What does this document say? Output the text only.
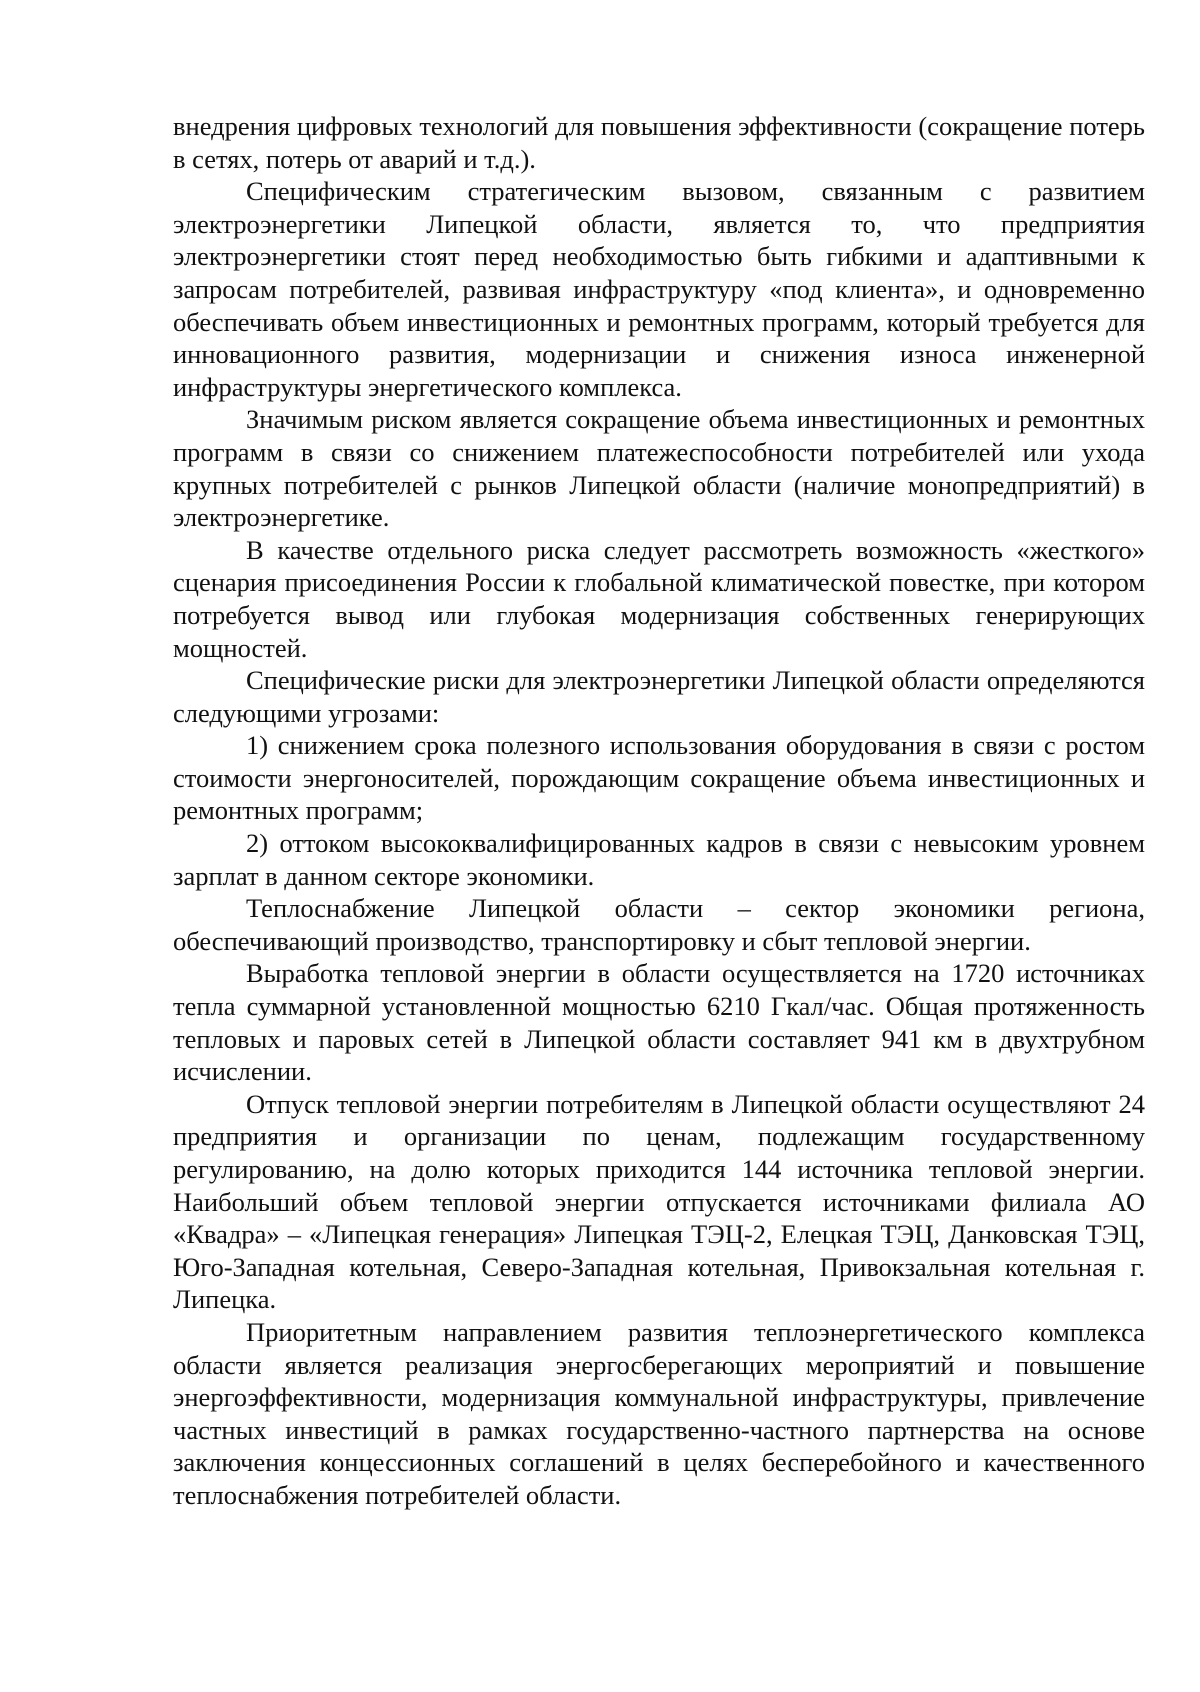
внедрения цифровых технологий для повышения эффективности (сокращение потерь в сетях, потерь от аварий и т.д.).

Специфическим стратегическим вызовом, связанным с развитием электроэнергетики Липецкой области, является то, что предприятия электроэнергетики стоят перед необходимостью быть гибкими и адаптивными к запросам потребителей, развивая инфраструктуру «под клиента», и одновременно обеспечивать объем инвестиционных и ремонтных программ, который требуется для инновационного развития, модернизации и снижения износа инженерной инфраструктуры энергетического комплекса.

Значимым риском является сокращение объема инвестиционных и ремонтных программ в связи со снижением платежеспособности потребителей или ухода крупных потребителей с рынков Липецкой области (наличие монопредприятий) в электроэнергетике.

В качестве отдельного риска следует рассмотреть возможность «жесткого» сценария присоединения России к глобальной климатической повестке, при котором потребуется вывод или глубокая модернизация собственных генерирующих мощностей.

Специфические риски для электроэнергетики Липецкой области определяются следующими угрозами:

1) снижением срока полезного использования оборудования в связи с ростом стоимости энергоносителей, порождающим сокращение объема инвестиционных и ремонтных программ;

2) оттоком высококвалифицированных кадров в связи с невысоким уровнем зарплат в данном секторе экономики.

Теплоснабжение Липецкой области – сектор экономики региона, обеспечивающий производство, транспортировку и сбыт тепловой энергии.

Выработка тепловой энергии в области осуществляется на 1720 источниках тепла суммарной установленной мощностью 6210 Гкал/час. Общая протяженность тепловых и паровых сетей в Липецкой области составляет 941 км в двухтрубном исчислении.

Отпуск тепловой энергии потребителям в Липецкой области осуществляют 24 предприятия и организации по ценам, подлежащим государственному регулированию, на долю которых приходится 144 источника тепловой энергии. Наибольший объем тепловой энергии отпускается источниками филиала АО «Квадра» – «Липецкая генерация» Липецкая ТЭЦ-2, Елецкая ТЭЦ, Данковская ТЭЦ, Юго-Западная котельная, Северо-Западная котельная, Привокзальная котельная г. Липецка.

Приоритетным направлением развития теплоэнергетического комплекса области является реализация энергосберегающих мероприятий и повышение энергоэффективности, модернизация коммунальной инфраструктуры, привлечение частных инвестиций в рамках государственно-частного партнерства на основе заключения концессионных соглашений в целях бесперебойного и качественного теплоснабжения потребителей области.
